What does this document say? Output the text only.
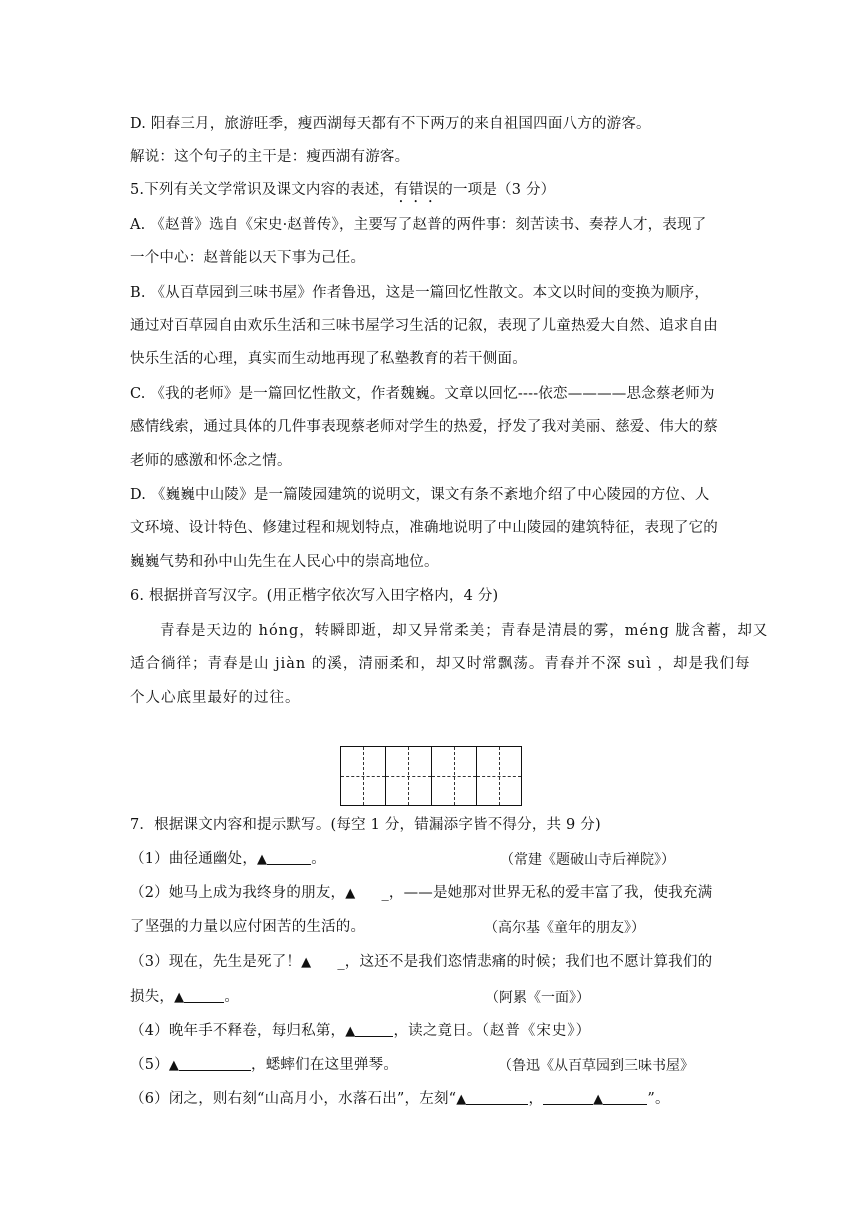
D. 阳春三月，旅游旺季，瘦西湖每天都有不下两万的来自祖国四面八方的游客。
解说：这个句子的主干是：瘦西湖有游客。
5.下列有关文学常识及课文内容的表述，有错误的一项是（3 分）
A. 《赵普》选自《宋史·赵普传》，主要写了赵普的两件事：刻苦读书、奏荐人才，表现了
一个中心：赵普能以天下事为己任。
B. 《从百草园到三味书屋》作者鲁迅，这是一篇回忆性散文。本文以时间的变换为顺序，
通过对百草园自由欢乐生活和三味书屋学习生活的记叙，表现了儿童热爱大自然、追求自由
快乐生活的心理，真实而生动地再现了私塾教育的若干侧面。
C. 《我的老师》是一篇回忆性散文，作者魏巍。文章以回忆----依恋————思念蔡老师为
感情线索，通过具体的几件事表现蔡老师对学生的热爱，抒发了我对美丽、慈爱、伟大的蔡
老师的感激和怀念之情。
D. 《巍巍中山陵》是一篇陵园建筑的说明文，课文有条不紊地介绍了中心陵园的方位、人
文环境、设计特色、修建过程和规划特点，准确地说明了中山陵园的建筑特征，表现了它的
巍巍气势和孙中山先生在人民心中的崇高地位。
6. 根据拼音写汉字。(用正楷字依次写入田字格内，4 分)
青春是天边的 hóng，转瞬即逝，却又异常柔美；青春是清晨的雾，méng 胧含蓄，却又
适合徜徉；青春是山 jiàn 的溪，清丽柔和，却又时常飘荡。青春并不深 suì ，却是我们每
个人心底里最好的过往。
7．根据课文内容和提示默写。(每空 1 分，错漏添字皆不得分，共 9 分)
（1）曲径通幽处，▲	。	（常建《题破山寺后禅院》）
（2）她马上成为我终身的朋友，▲ _，——是她那对世界无私的爱丰富了我，使我充满
了坚强的力量以应付困苦的生活的。	（高尔基《童年的朋友》）
（3）现在，先生是死了！▲ _，这还不是我们恣情悲痛的时候；我们也不愿计算我们的
损失，▲	。	（阿累《一面》）
（4）晚年手不释卷，每归私第，▲	，读之竟日。（赵普《宋史》）
（5）▲	，蟋蟀们在这里弹琴。	（鲁迅《从百草园到三味书屋》
（6）闭之，则右刻“山高月小，水落石出”，左刻“▲	，	▲	”。
